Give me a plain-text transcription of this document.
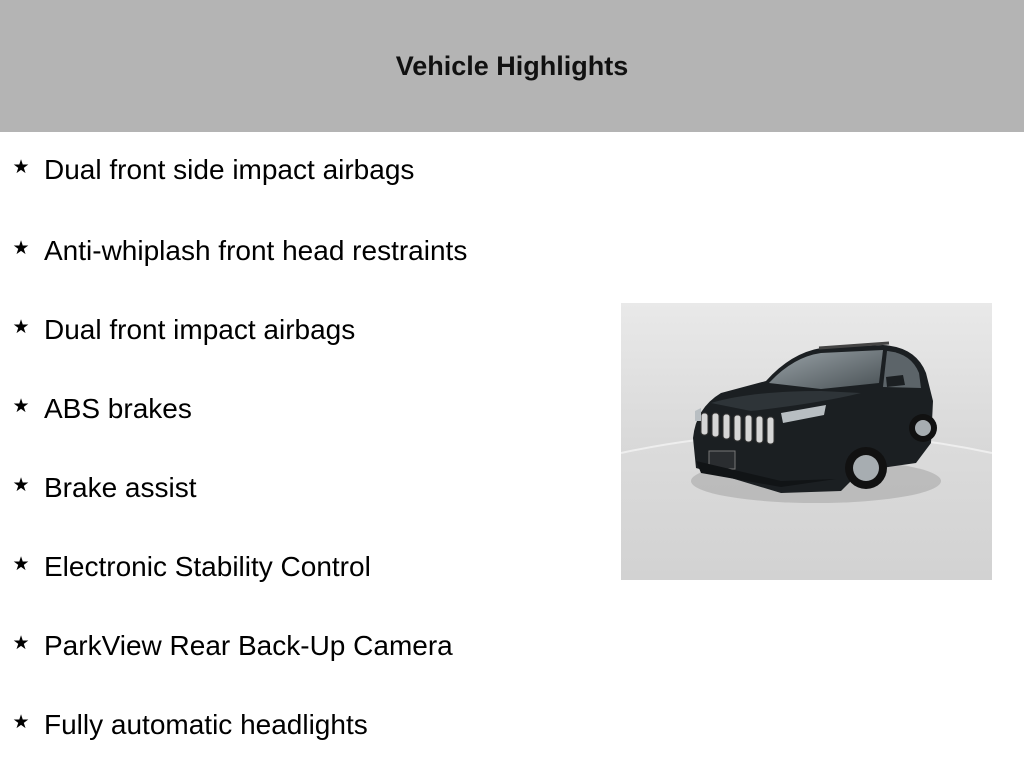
Vehicle Highlights
★ Dual front side impact airbags
★ Anti-whiplash front head restraints
★ Dual front impact airbags
★ ABS brakes
★ Brake assist
★ Electronic Stability Control
★ ParkView Rear Back-Up Camera
★ Fully automatic headlights
